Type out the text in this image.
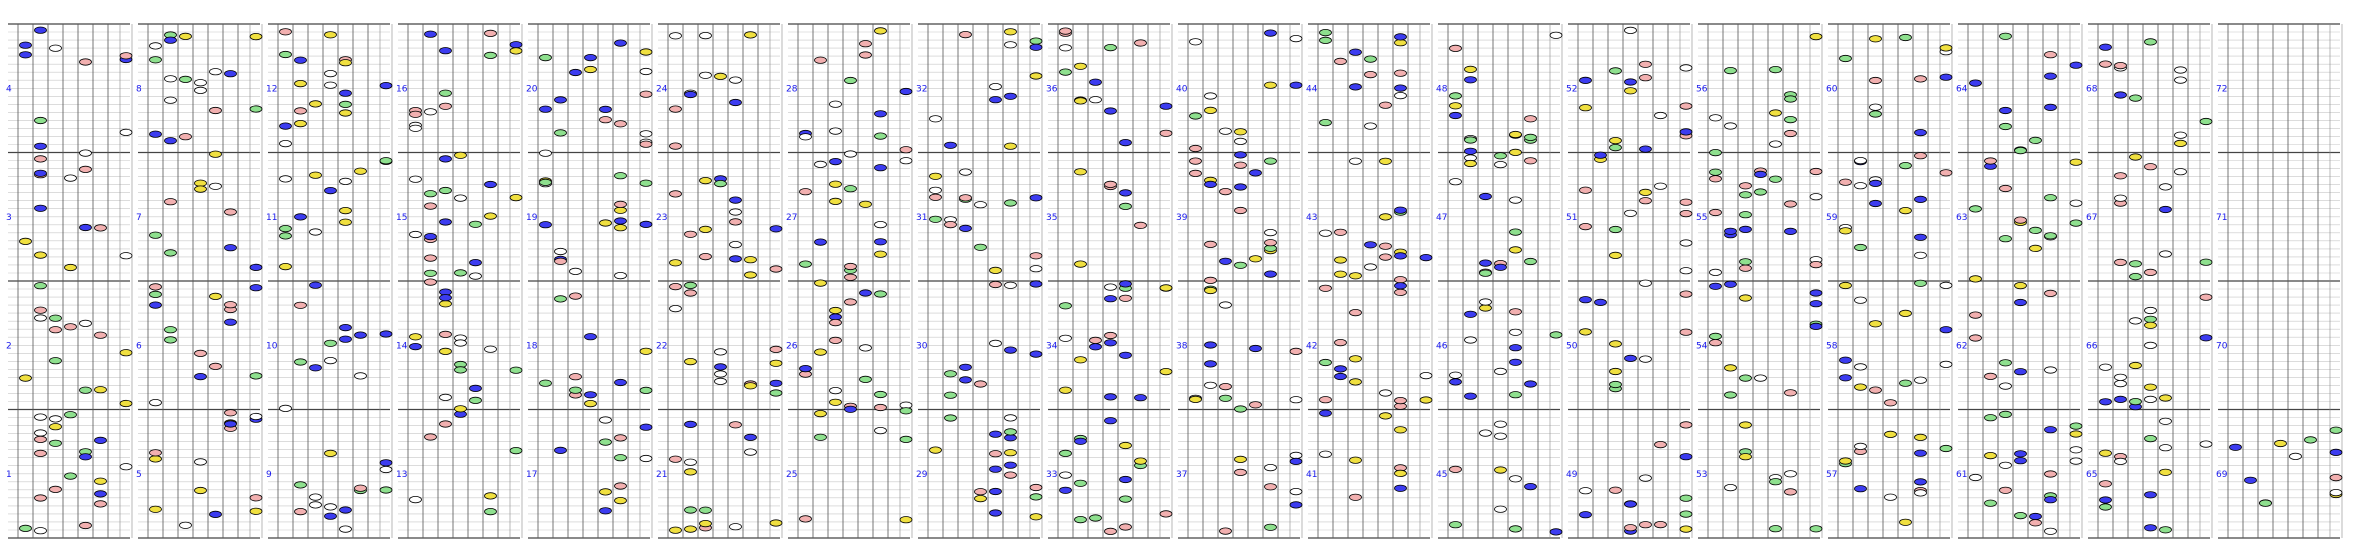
1
2
3
4
5
6
7
8
9
10
11
12
13
14
15
16
17
18
19
20
21
22
23
24
25
26
27
28
29
30
31
32
33
34
35
36
37
38
39
40
41
42
43
44
45
46
47
48
49
50
51
52
53
54
55
56
57
58
59
60
61
62
63
64
65
66
67
68
69
70
71
72
